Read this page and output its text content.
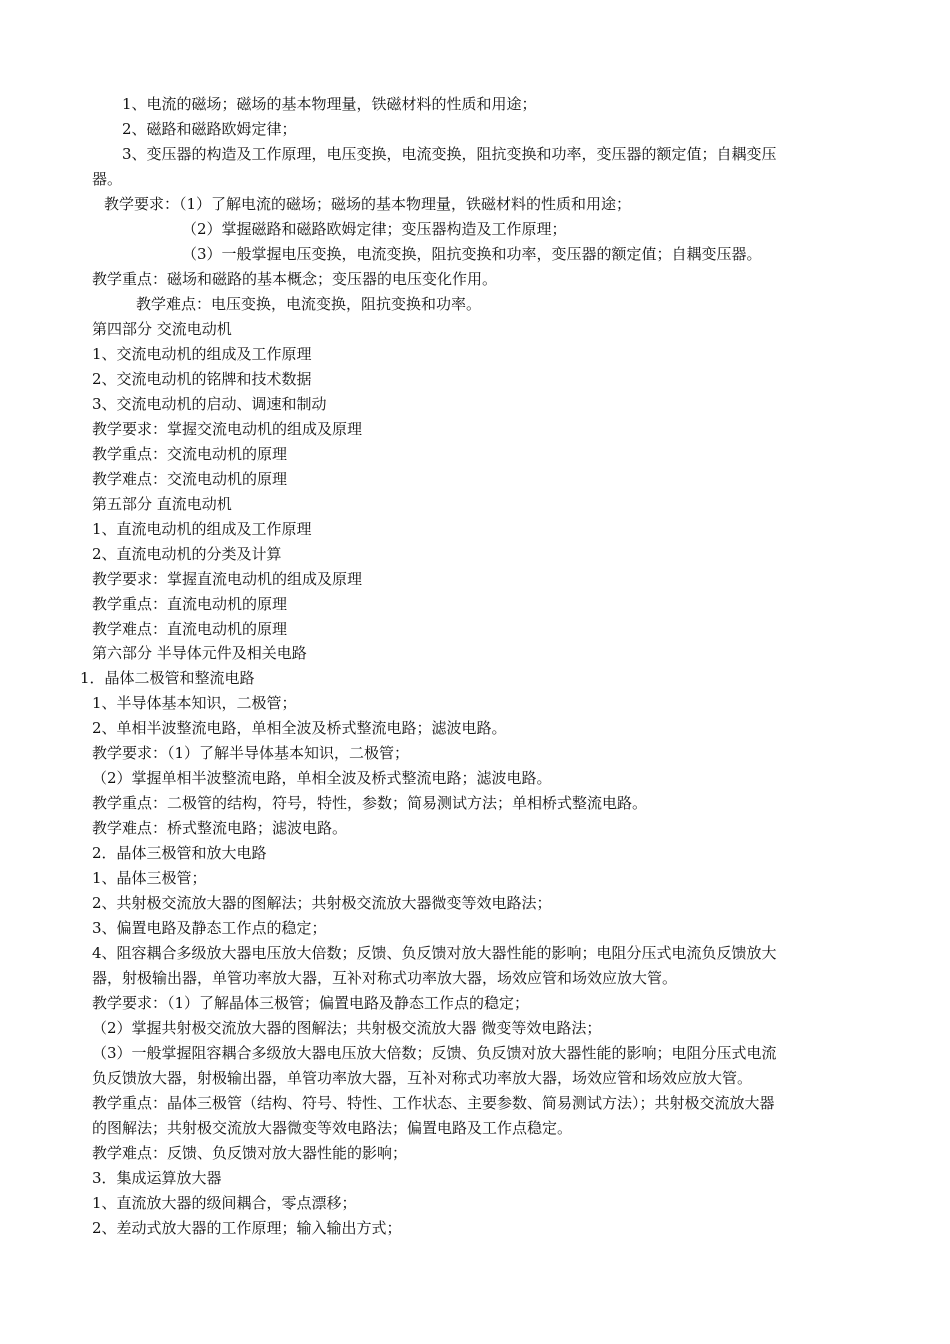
1、电流的磁场；磁场的基本物理量，铁磁材料的性质和用途；
2、磁路和磁路欧姆定律；
3、变压器的构造及工作原理，电压变换，电流变换，阻抗变换和功率，变压器的额定值；自耦变压
器。
教学要求：（1）了解电流的磁场；磁场的基本物理量，铁磁材料的性质和用途；
（2）掌握磁路和磁路欧姆定律；变压器构造及工作原理；
（3）一般掌握电压变换，电流变换，阻抗变换和功率，变压器的额定值；自耦变压器。
教学重点：磁场和磁路的基本概念；变压器的电压变化作用。
教学难点：电压变换，电流变换，阻抗变换和功率。
第四部分 交流电动机
1、交流电动机的组成及工作原理
2、交流电动机的铭牌和技术数据
3、交流电动机的启动、调速和制动
教学要求：掌握交流电动机的组成及原理
教学重点：交流电动机的原理
教学难点：交流电动机的原理
第五部分 直流电动机
1、直流电动机的组成及工作原理
2、直流电动机的分类及计算
教学要求：掌握直流电动机的组成及原理
教学重点：直流电动机的原理
教学难点：直流电动机的原理
第六部分 半导体元件及相关电路
1．晶体二极管和整流电路
1、半导体基本知识，二极管；
2、单相半波整流电路，单相全波及桥式整流电路；滤波电路。
教学要求：（1）了解半导体基本知识，二极管；
（2）掌握单相半波整流电路，单相全波及桥式整流电路；滤波电路。
教学重点：二极管的结构，符号，特性，参数；简易测试方法；单相桥式整流电路。
教学难点：桥式整流电路；滤波电路。
2．晶体三极管和放大电路
1、晶体三极管；
2、共射极交流放大器的图解法；共射极交流放大器微变等效电路法；
3、偏置电路及静态工作点的稳定；
4、阻容耦合多级放大器电压放大倍数；反馈、负反馈对放大器性能的影响；电阻分压式电流负反馈放大
器，射极输出器，单管功率放大器，互补对称式功率放大器，场效应管和场效应放大管。
教学要求：（1）了解晶体三极管；偏置电路及静态工作点的稳定；
（2）掌握共射极交流放大器的图解法；共射极交流放大器 微变等效电路法；
（3）一般掌握阻容耦合多级放大器电压放大倍数；反馈、负反馈对放大器性能的影响；电阻分压式电流
负反馈放大器，射极输出器，单管功率放大器，互补对称式功率放大器，场效应管和场效应放大管。
教学重点：晶体三极管（结构、符号、特性、工作状态、主要参数、简易测试方法）；共射极交流放大器
的图解法；共射极交流放大器微变等效电路法；偏置电路及工作点稳定。
教学难点：反馈、负反馈对放大器性能的影响；
3．集成运算放大器
1、直流放大器的级间耦合，零点漂移；
2、差动式放大器的工作原理；输入输出方式；
